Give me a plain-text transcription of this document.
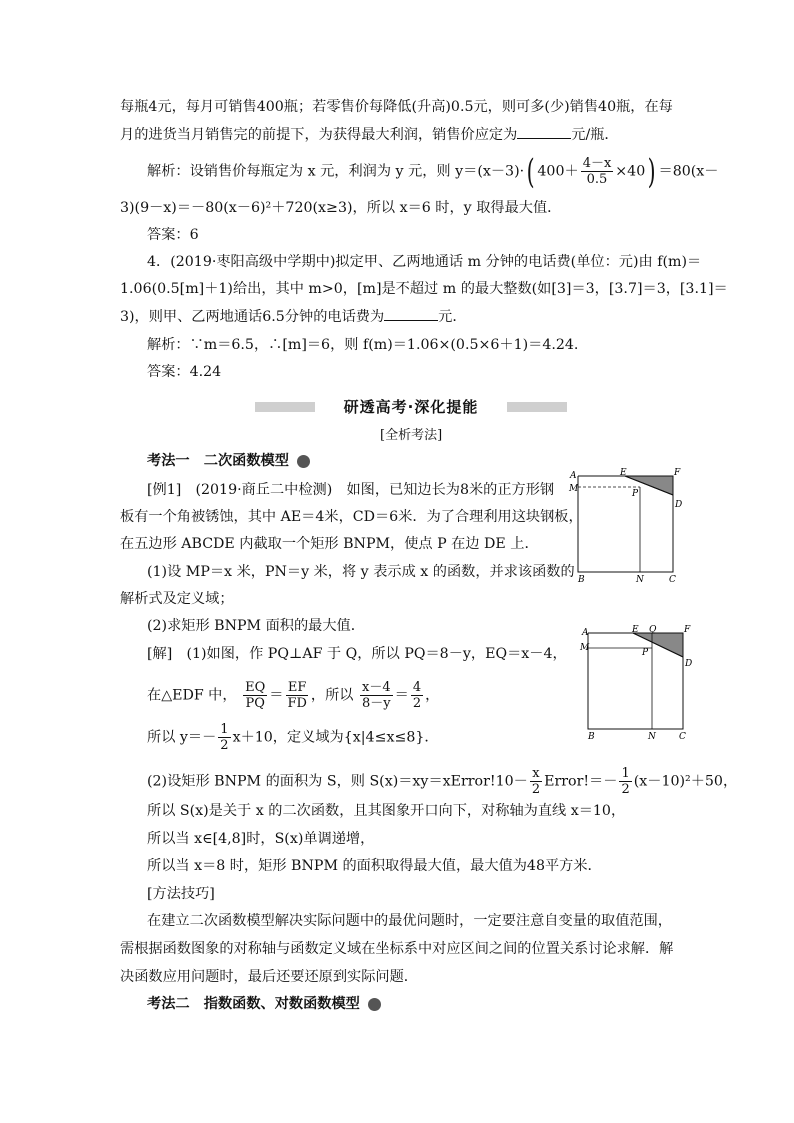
每瓶4元，每月可销售400瓶；若零售价每降低(升高)0.5元，则可多(少)销售40瓶，在每
月的进货当月销售完的前提下，为获得最大利润，销售价应定为	元/瓶．
解析：设销售价每瓶定为 x 元，利润为 y 元，则 y＝(x－3)·( $400+ \frac{4-x}{0.5} \times 40) =80(x-$
3)(9－x)＝－80(x－6)²＋720(x≥3)，所以 x＝6 时，y 取得最大值．
答案：6
4．(2019·枣阳高级中学期中)拟定甲、乙两地通话 m 分钟的电话费(单位：元)由 f(m)＝
1.06(0.5[m]＋1)给出，其中 m>0，[m]是不超过 m 的最大整数(如[3]＝3，[3.7]＝3，[3.1]＝
3)，则甲、乙两地通话6.5分钟的电话费为	元．
解析：∵m＝6.5，∴[m]＝6，则 f(m)＝1.06×(0.5×6＋1)＝4.24.
答案：4.24
研透高考·深化提能
[全析考法]
考法一　二次函数模型
[例1]　(2019·商丘二中检测)　如图，已知边长为8米的正方形钢
板有一个角被锈蚀，其中 AE＝4米，CD＝6米．为了合理利用这块钢板，
在五边形 ABCDE 内截取一个矩形 BNPM，使点 P 在边 DE 上．
(1)设 MP＝x 米，PN＝y 米，将 y 表示成 x 的函数，并求该函数的
解析式及定义域；
(2)求矩形 BNPM 面积的最大值．
A	E	F
M	P
D
B	N	C
[解]　(1)如图，作 PQ⊥AF 于 Q，所以 PQ＝8－y，EQ＝x－4，
在△EDF 中， $\frac{EQ}{PQ} = \frac{EF}{FD}$ ，所以 $\frac{x-4}{8-y} = \frac{4}{2}$ ，
所以 $y=- \frac{1}{2} x+10$，定义域为{x|4≤x≤8}．
A	E Q	F
M	P
D
B	N	C
(2)设矩形 BNPM 的面积为 S，则 S(x)＝xy＝xError!10－ $\frac{x}{2}$ Error!＝－ $\frac{1}{2} (x-10)^2+50$，
所以 S(x)是关于 x 的二次函数，且其图象开口向下，对称轴为直线 x＝10，
所以当 x∈[4,8]时，S(x)单调递增，
所以当 x＝8 时，矩形 BNPM 的面积取得最大值，最大值为48平方米．
[方法技巧]
在建立二次函数模型解决实际问题中的最优问题时，一定要注意自变量的取值范围，
需根据函数图象的对称轴与函数定义域在坐标系中对应区间之间的位置关系讨论求解．解
决函数应用问题时，最后还要还原到实际问题．
考法二　指数函数、对数函数模型
